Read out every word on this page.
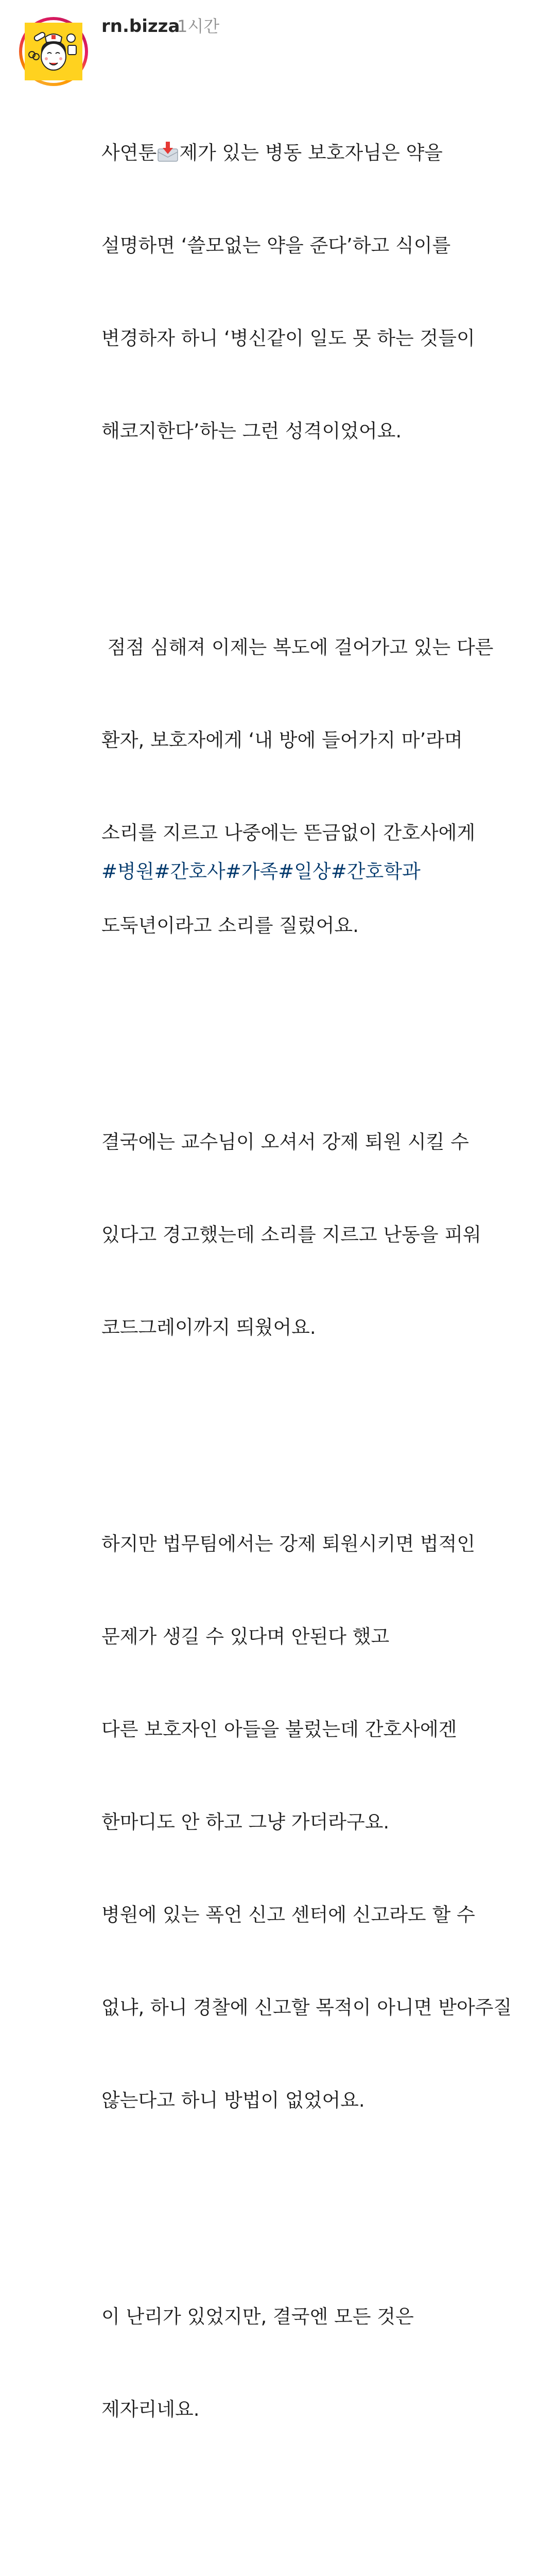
rn.bizza
1시간

사연툰 제가 있는 병동 보호자님은 약을

설명하면 ‘쓸모없는 약을 준다’하고 식이를

변경하자 하니 ‘병신같이 일도 못 하는 것들이

해코지한다’하는 그런 성격이었어요.

점점 심해져 이제는 복도에 걸어가고 있는 다른

환자, 보호자에게 ‘내 방에 들어가지 마’라며

소리를 지르고 나중에는 뜬금없이 간호사에게

도둑년이라고 소리를 질렀어요.

결국에는 교수님이 오셔서 강제 퇴원 시킬 수

있다고 경고했는데 소리를 지르고 난동을 피워

코드그레이까지 띄웠어요.

하지만 법무팀에서는 강제 퇴원시키면 법적인

문제가 생길 수 있다며 안된다 했고

다른 보호자인 아들을 불렀는데 간호사에겐

한마디도 안 하고 그냥 가더라구요.

병원에 있는 폭언 신고 센터에 신고라도 할 수

없냐, 하니 경찰에 신고할 목적이 아니면 받아주질

않는다고 하니 방법이 없었어요.

이 난리가 있었지만, 결국엔 모든 것은

제자리네요.

#병원#간호사#가족#일상#간호학과
